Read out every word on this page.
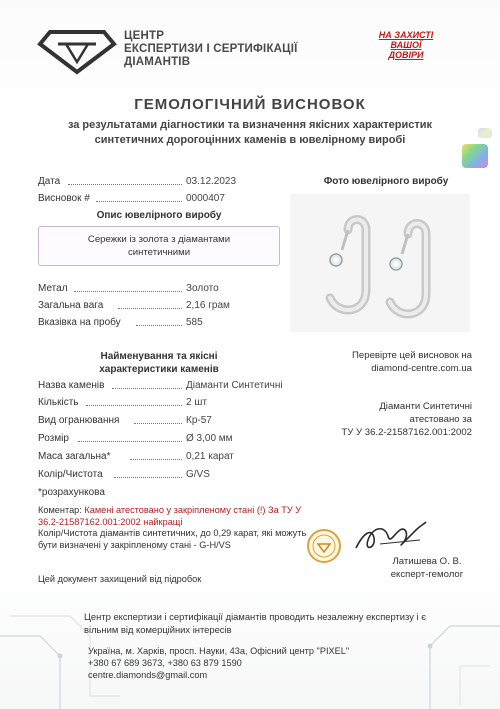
ЦЕНТР
ЕКСПЕРТИЗИ І СЕРТИФІКАЦІЇ
ДІАМАНТІВ
НА ЗАХИСТІ
ВАШОЇ
ДОВІРИ
ГЕМОЛОГІЧНИЙ ВИСНОВОК
за результатами діагностики та визначення якісних характеристик
синтетичних дорогоцінних каменів в ювелірному виробі
Дата	03.12.2023
Висновок #	0000407
Опис ювелірного виробу
Сережки із золота з діамантами
синтетичними
Метал	Золото
Загальна вага	2,16 грам
Вказівка на пробу	585
Найменування та якісні
характеристики каменів
Назва каменів	Діаманти Синтетичні
Кількість	2 шт
Вид огранювання	Кр-57
Розмір	Ø 3,00 мм
Маса загальна*	0,21 карат
Колір/Чистота	G/VS
*розрахункова
Фото ювелірного виробу
Перевірте цей висновок на
diamond-centre.com.ua
Діаманти Синтетичні
атестовано за
ТУ У 36.2-21587162.001:2002
Коментар: Камені атестовано у закріпленому стані (!) За ТУ У 36.2-21587162.001:2002 найкращі
Колір/Чистота діамантів синтетичних, до 0,29 карат, які можуть бути визначені у закріпленому стані - G-H/VS
Цей документ захищений від підробок
Латишева О. В.
експерт-гемолог
Центр експертизи і сертифікації діамантів проводить незалежну експертизу і є вільним від комерційних інтересів
Україна, м. Харків, просп. Науки, 43а, Офісний центр "PIXEL"
+380 67 689 3673, +380 63 879 1590
centre.diamonds@gmail.com
